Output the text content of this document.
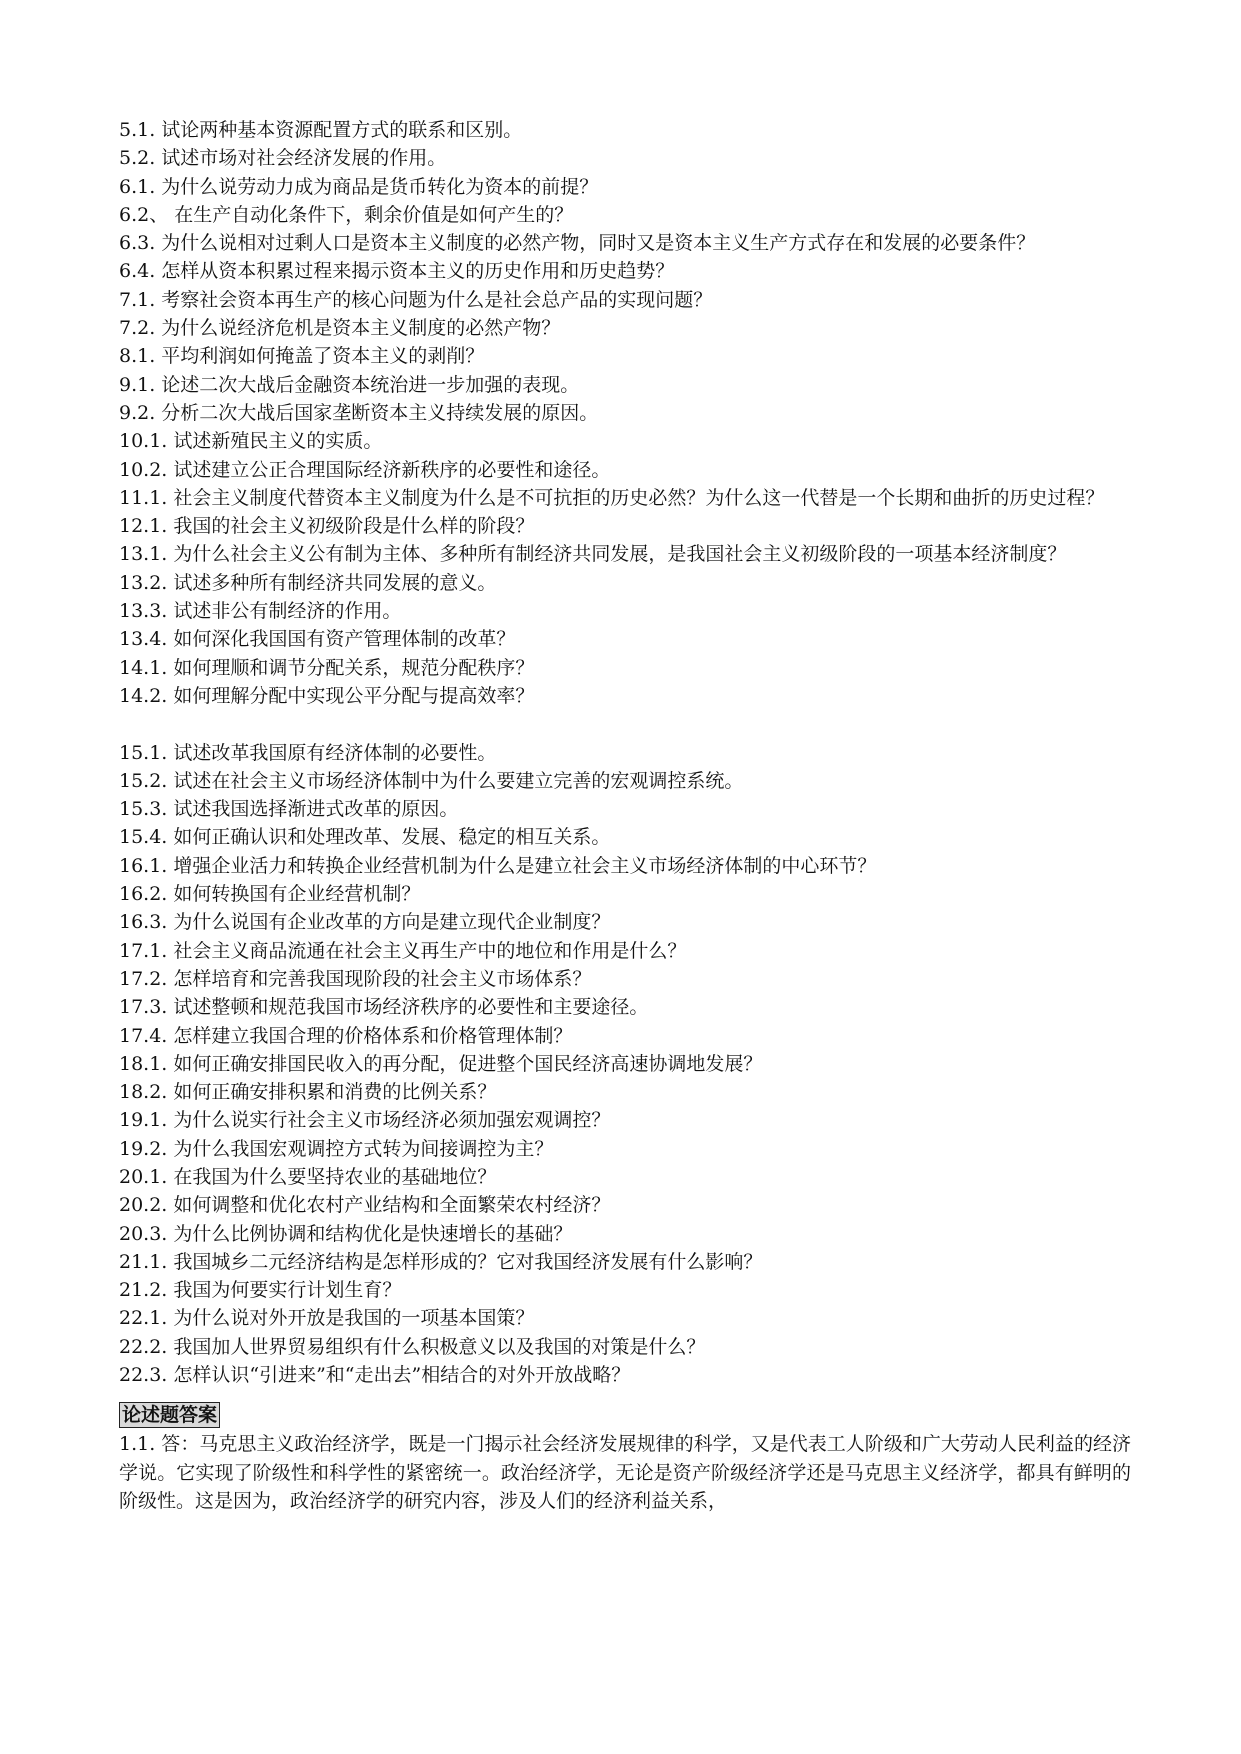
5.1. 试论两种基本资源配置方式的联系和区别。

5.2. 试述市场对社会经济发展的作用。

6.1. 为什么说劳动力成为商品是货币转化为资本的前提？

6.2、 在生产自动化条件下，剩余价值是如何产生的？

6.3. 为什么说相对过剩人口是资本主义制度的必然产物，同时又是资本主义生产方式存在和发展的必要条件？

6.4. 怎样从资本积累过程来揭示资本主义的历史作用和历史趋势？

7.1. 考察社会资本再生产的核心问题为什么是社会总产品的实现问题？

7.2. 为什么说经济危机是资本主义制度的必然产物？

8.1. 平均利润如何掩盖了资本主义的剥削？

9.1. 论述二次大战后金融资本统治进一步加强的表现。

9.2. 分析二次大战后国家垄断资本主义持续发展的原因。

10.1. 试述新殖民主义的实质。

10.2. 试述建立公正合理国际经济新秩序的必要性和途径。

11.1. 社会主义制度代替资本主义制度为什么是不可抗拒的历史必然？为什么这一代替是一个长期和曲折的历史过程？

12.1. 我国的社会主义初级阶段是什么样的阶段？

13.1. 为什么社会主义公有制为主体、多种所有制经济共同发展，是我国社会主义初级阶段的一项基本经济制度？

13.2. 试述多种所有制经济共同发展的意义。

13.3. 试述非公有制经济的作用。

13.4. 如何深化我国国有资产管理体制的改革？

14.1. 如何理顺和调节分配关系，规范分配秩序？

14.2. 如何理解分配中实现公平分配与提高效率？

15.1. 试述改革我国原有经济体制的必要性。

15.2. 试述在社会主义市场经济体制中为什么要建立完善的宏观调控系统。

15.3. 试述我国选择渐进式改革的原因。

15.4. 如何正确认识和处理改革、发展、稳定的相互关系。

16.1. 增强企业活力和转换企业经营机制为什么是建立社会主义市场经济体制的中心环节？

16.2. 如何转换国有企业经营机制？

16.3. 为什么说国有企业改革的方向是建立现代企业制度？

17.1. 社会主义商品流通在社会主义再生产中的地位和作用是什么？

17.2. 怎样培育和完善我国现阶段的社会主义市场体系？

17.3. 试述整顿和规范我国市场经济秩序的必要性和主要途径。

17.4. 怎样建立我国合理的价格体系和价格管理体制？

18.1. 如何正确安排国民收入的再分配，促进整个国民经济高速协调地发展？

18.2. 如何正确安排积累和消费的比例关系？

19.1. 为什么说实行社会主义市场经济必须加强宏观调控？

19.2. 为什么我国宏观调控方式转为间接调控为主？

20.1. 在我国为什么要坚持农业的基础地位？

20.2. 如何调整和优化农村产业结构和全面繁荣农村经济？

20.3. 为什么比例协调和结构优化是快速增长的基础？

21.1. 我国城乡二元经济结构是怎样形成的？它对我国经济发展有什么影响？

21.2. 我国为何要实行计划生育？

22.1. 为什么说对外开放是我国的一项基本国策？

22.2. 我国加人世界贸易组织有什么积极意义以及我国的对策是什么？

22.3. 怎样认识“引进来”和“走出去”相结合的对外开放战略？

论述题答案

1.1. 答：马克思主义政治经济学，既是一门揭示社会经济发展规律的科学，又是代表工人阶级和广大劳动人民利益的经济学说。它实现了阶级性和科学性的紧密统一。政治经济学，无论是资产阶级经济学还是马克思主义经济学，都具有鲜明的阶级性。这是因为，政治经济学的研究内容，涉及人们的经济利益关系，
